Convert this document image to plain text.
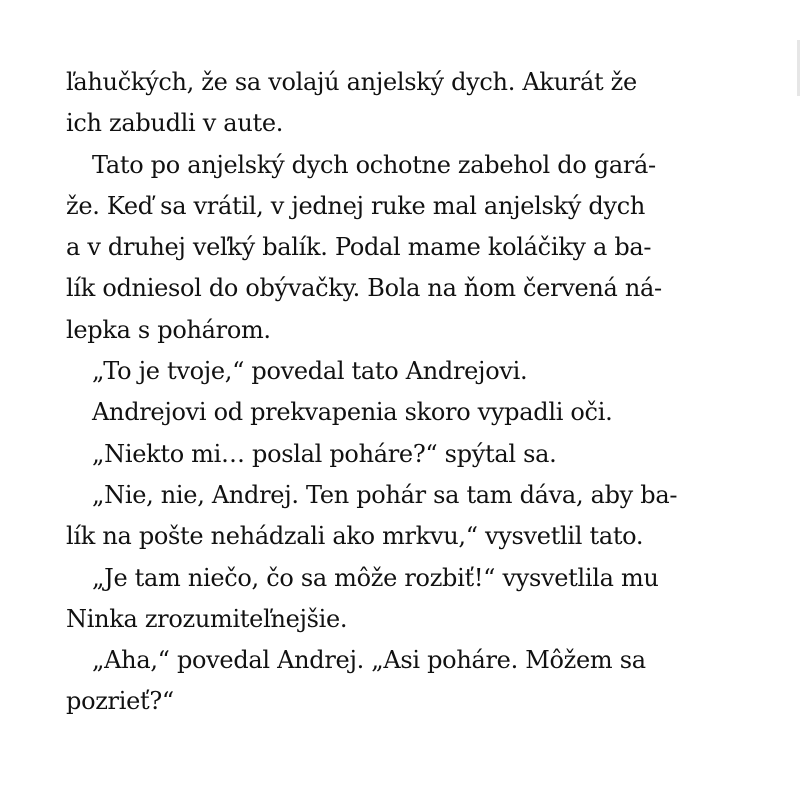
ľahučkých, že sa volajú anjelský dych. Akurát že
ich zabudli v aute.
Tato po anjelský dych ochotne zabehol do gará-
že. Keď sa vrátil, v jednej ruke mal anjelský dych
a v druhej veľký balík. Podal mame koláčiky a ba-
lík odniesol do obývačky. Bola na ňom červená ná-
lepka s pohárom.
„To je tvoje,“ povedal tato Andrejovi.
Andrejovi od prekvapenia skoro vypadli oči.
„Niekto mi… poslal poháre?“ spýtal sa.
„Nie, nie, Andrej. Ten pohár sa tam dáva, aby ba-
lík na pošte nehádzali ako mrkvu,“ vysvetlil tato.
„Je tam niečo, čo sa môže rozbiť!“ vysvetlila mu
Ninka zrozumiteľnejšie.
„Aha,“ povedal Andrej. „Asi poháre. Môžem sa
pozrieť?“
